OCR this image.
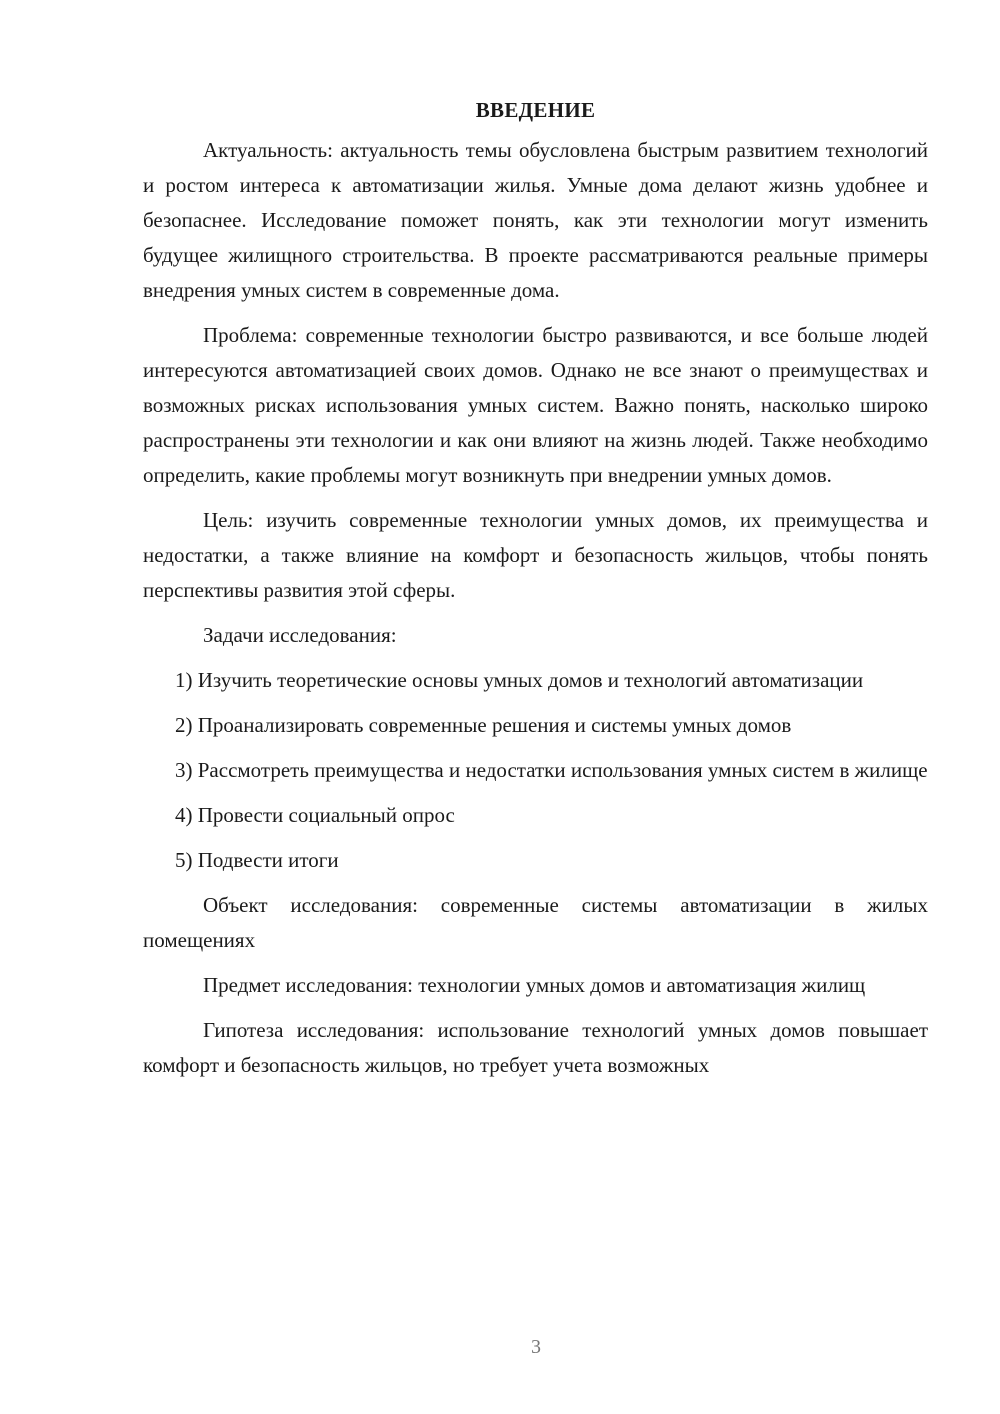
ВВЕДЕНИЕ

Актуальность: актуальность темы обусловлена быстрым развитием технологий и ростом интереса к автоматизации жилья. Умные дома делают жизнь удобнее и безопаснее. Исследование поможет понять, как эти технологии могут изменить будущее жилищного строительства. В проекте рассматриваются реальные примеры внедрения умных систем в современные дома.

Проблема: современные технологии быстро развиваются, и все больше людей интересуются автоматизацией своих домов. Однако не все знают о преимуществах и возможных рисках использования умных систем. Важно понять, насколько широко распространены эти технологии и как они влияют на жизнь людей. Также необходимо определить, какие проблемы могут возникнуть при внедрении умных домов.

Цель: изучить современные технологии умных домов, их преимущества и недостатки, а также влияние на комфорт и безопасность жильцов, чтобы понять перспективы развития этой сферы.

Задачи исследования:

1) Изучить теоретические основы умных домов и технологий автоматизации

2) Проанализировать современные решения и системы умных домов

3) Рассмотреть преимущества и недостатки использования умных систем в жилище

4) Провести социальный опрос

5) Подвести итоги

Объект исследования: современные системы автоматизации в жилых помещениях

Предмет исследования: технологии умных домов и автоматизация жилищ

Гипотеза исследования: использование технологий умных домов повышает комфорт и безопасность жильцов, но требует учета возможных

3
